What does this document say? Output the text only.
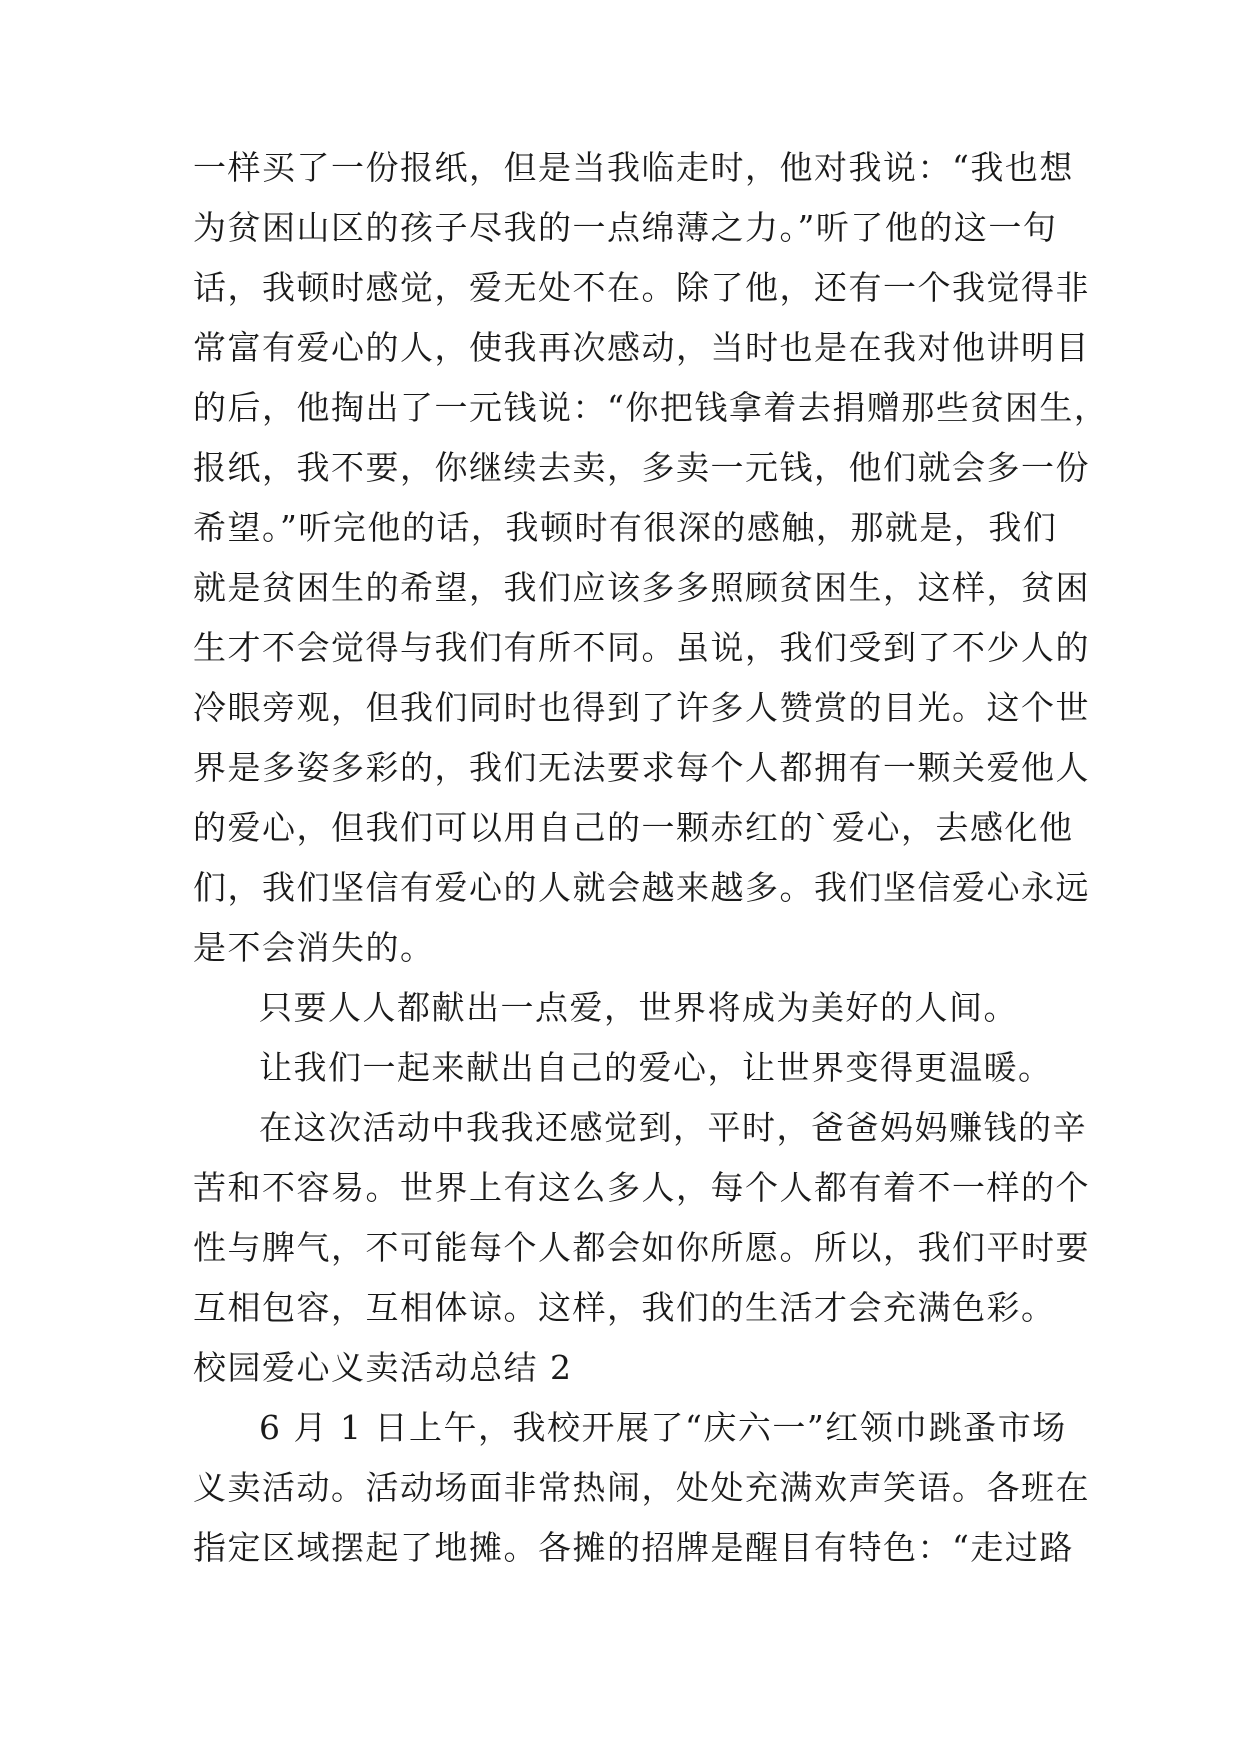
一样买了一份报纸，但是当我临走时，他对我说：“我也想
为贫困山区的孩子尽我的一点绵薄之力。”听了他的这一句
话，我顿时感觉，爱无处不在。除了他，还有一个我觉得非
常富有爱心的人，使我再次感动，当时也是在我对他讲明目
的后，他掏出了一元钱说：“你把钱拿着去捐赠那些贫困生，
报纸，我不要，你继续去卖，多卖一元钱，他们就会多一份
希望。”听完他的话，我顿时有很深的感触，那就是，我们
就是贫困生的希望，我们应该多多照顾贫困生，这样，贫困
生才不会觉得与我们有所不同。虽说，我们受到了不少人的
冷眼旁观，但我们同时也得到了许多人赞赏的目光。这个世
界是多姿多彩的，我们无法要求每个人都拥有一颗关爱他人
的爱心，但我们可以用自己的一颗赤红的`爱心，去感化他
们，我们坚信有爱心的人就会越来越多。我们坚信爱心永远
是不会消失的。
只要人人都献出一点爱，世界将成为美好的人间。
让我们一起来献出自己的爱心，让世界变得更温暖。
在这次活动中我我还感觉到，平时，爸爸妈妈赚钱的辛
苦和不容易。世界上有这么多人，每个人都有着不一样的个
性与脾气，不可能每个人都会如你所愿。所以，我们平时要
互相包容，互相体谅。这样，我们的生活才会充满色彩。
校园爱心义卖活动总结 2
6 月 1 日上午，我校开展了“庆六一”红领巾跳蚤市场
义卖活动。活动场面非常热闹，处处充满欢声笑语。各班在
指定区域摆起了地摊。各摊的招牌是醒目有特色：“走过路
